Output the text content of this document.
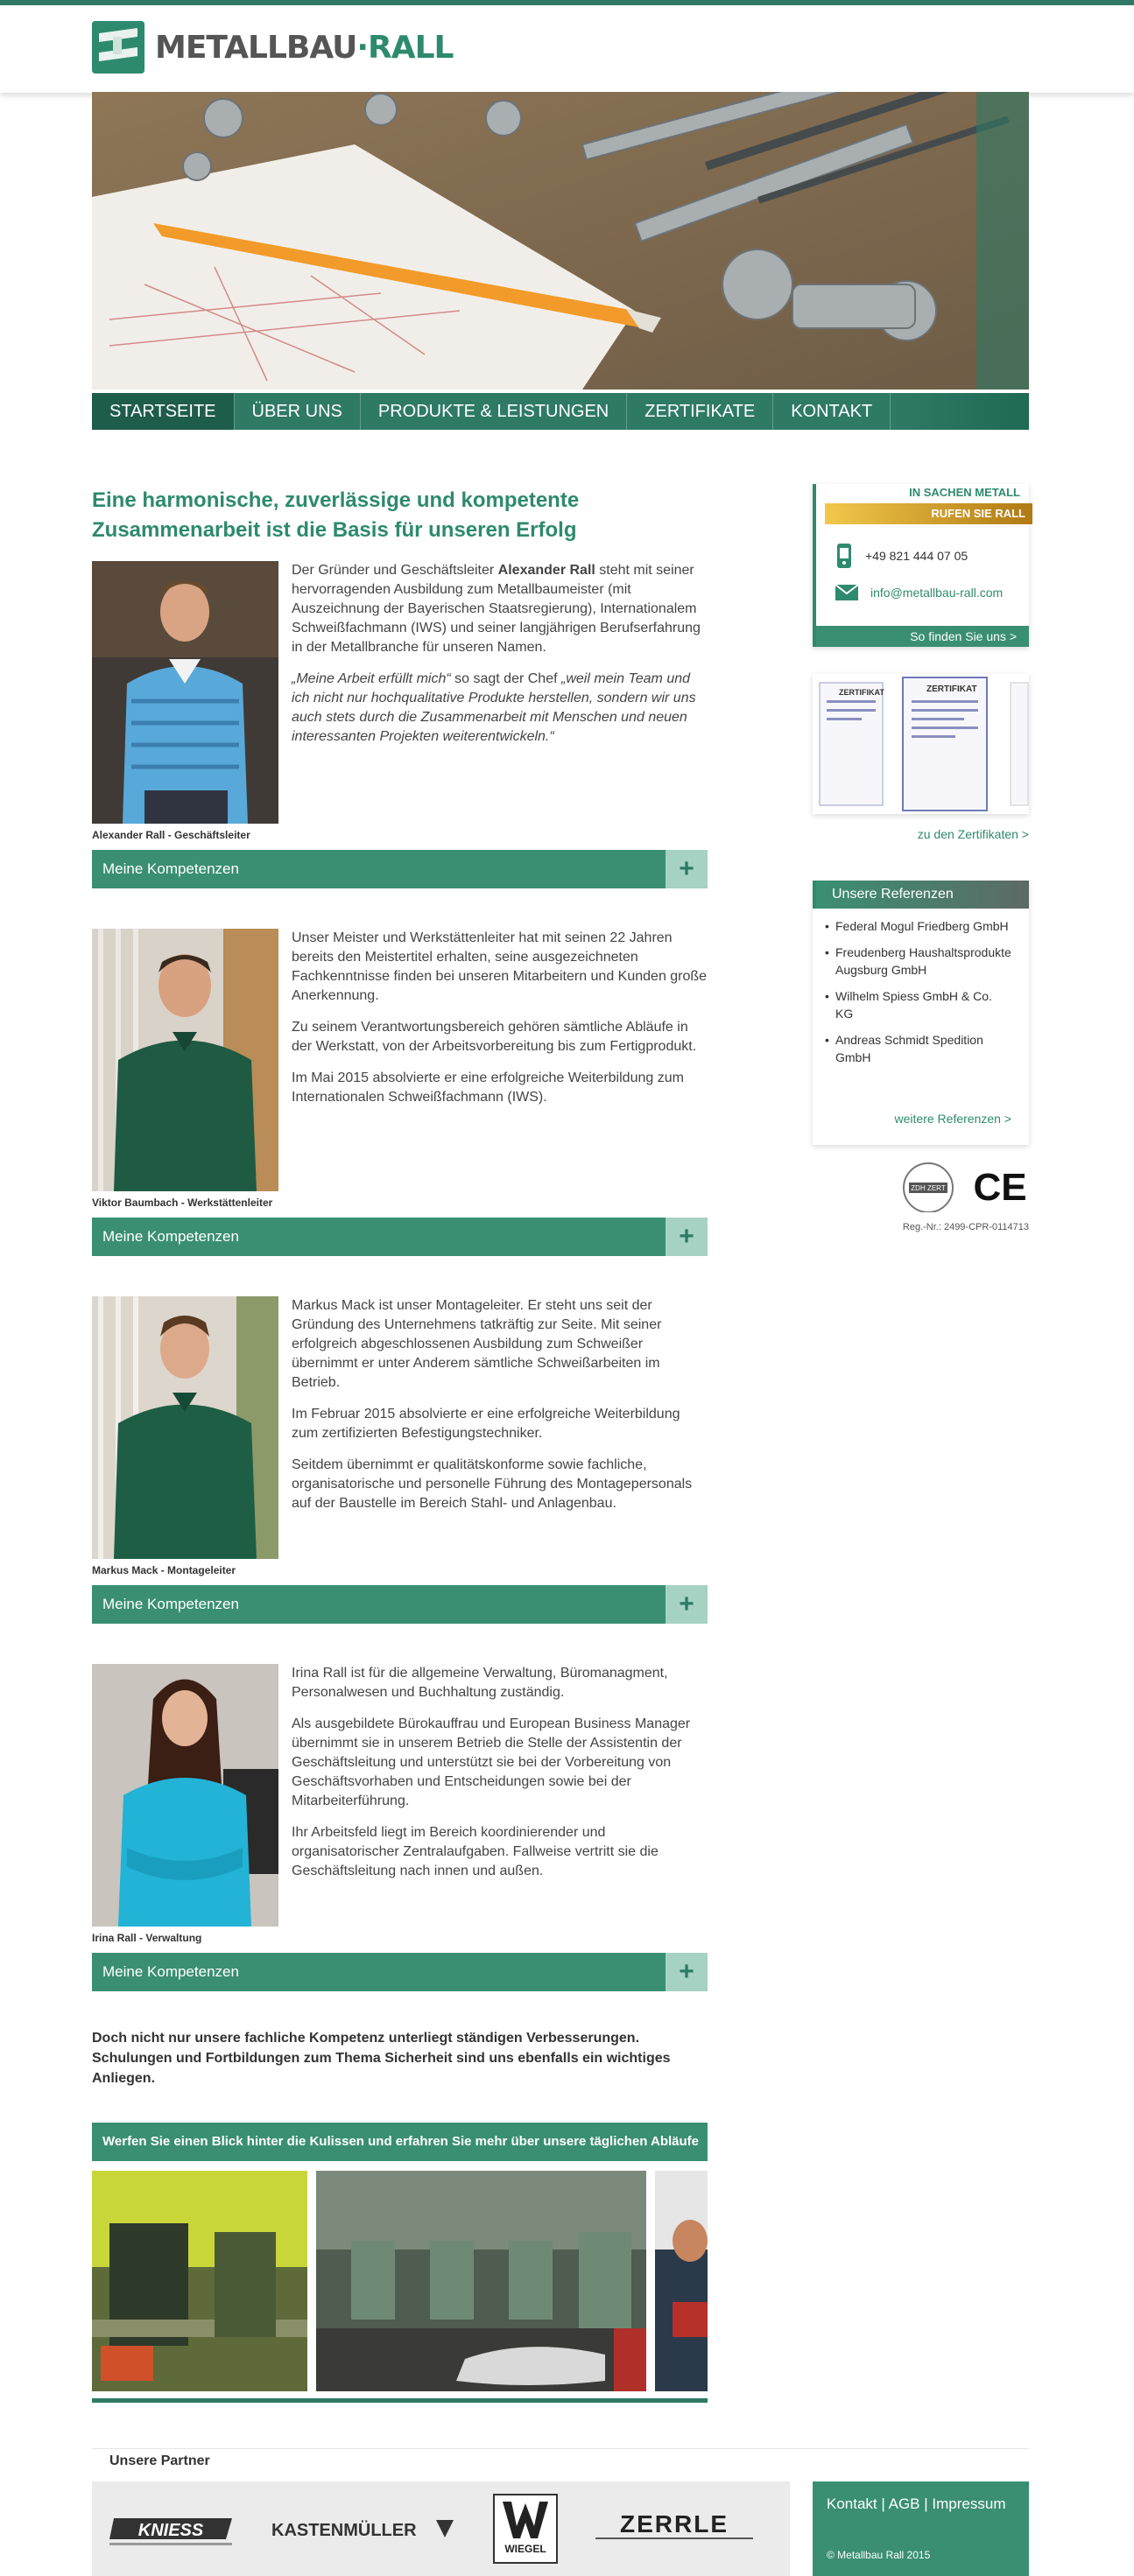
METALLBAU·RALL
STARTSEITE	ÜBER UNS	PRODUKTE & LEISTUNGEN	ZERTIFIKATE	KONTAKT
Eine harmonische, zuverlässige und kompetente Zusammenarbeit ist die Basis für unseren Erfolg
Alexander Rall - Geschäftsleiter

Der Gründer und Geschäftsleiter Alexander Rall steht mit seiner hervorragenden Ausbildung zum Metallbaumeister (mit Auszeichnung der Bayerischen Staatsregierung), Internationalem Schweißfachmann (IWS) und seiner langjährigen Berufserfahrung in der Metallbranche für unseren Namen.

„Meine Arbeit erfüllt mich“ so sagt der Chef „weil mein Team und ich nicht nur hochqualitative Produkte herstellen, sondern wir uns auch stets durch die Zusammenarbeit mit Menschen und neuen interessanten Projekten weiterentwickeln.“

Meine Kompetenzen	+
Viktor Baumbach - Werkstättenleiter

Unser Meister und Werkstättenleiter hat mit seinen 22 Jahren bereits den Meistertitel erhalten, seine ausgezeichneten Fachkenntnisse finden bei unseren Mitarbeitern und Kunden große Anerkennung.

Zu seinem Verantwortungsbereich gehören sämtliche Abläufe in der Werkstatt, von der Arbeitsvorbereitung bis zum Fertigprodukt.

Im Mai 2015 absolvierte er eine erfolgreiche Weiterbildung zum Internationalen Schweißfachmann (IWS).

Meine Kompetenzen	+
Markus Mack - Montageleiter

Markus Mack ist unser Montageleiter. Er steht uns seit der Gründung des Unternehmens tatkräftig zur Seite. Mit seiner erfolgreich abgeschlossenen Ausbildung zum Schweißer übernimmt er unter Anderem sämtliche Schweißarbeiten im Betrieb.

Im Februar 2015 absolvierte er eine erfolgreiche Weiterbildung zum zertifizierten Befestigungstechniker.

Seitdem übernimmt er qualitätskonforme sowie fachliche, organisatorische und personelle Führung des Montagepersonals auf der Baustelle im Bereich Stahl- und Anlagenbau.

Meine Kompetenzen	+
Irina Rall - Verwaltung

Irina Rall ist für die allgemeine Verwaltung, Büromanagment, Personalwesen und Buchhaltung zuständig.

Als ausgebildete Bürokauffrau und European Business Manager übernimmt sie in unserem Betrieb die Stelle der Assistentin der Geschäftsleitung und unterstützt sie bei der Vorbereitung von Geschäftsvorhaben und Entscheidungen sowie bei der Mitarbeiterführung.

Ihr Arbeitsfeld liegt im Bereich koordinierender und organisatorischer Zentralaufgaben. Fallweise vertritt sie die Geschäftsleitung nach innen und außen.

Meine Kompetenzen	+

Doch nicht nur unsere fachliche Kompetenz unterliegt ständigen Verbesserungen. Schulungen und Fortbildungen zum Thema Sicherheit sind uns ebenfalls ein wichtiges Anliegen.

Werfen Sie einen Blick hinter die Kulissen und erfahren Sie mehr über unsere täglichen Abläufe
IN SACHEN METALL
RUFEN SIE RALL
+49 821 444 07 05
info@metallbau-rall.com
So finden Sie uns >
ZERTIFIKAT	ZERTIFIKAT
zu den Zertifikaten >
Unsere Referenzen
• Federal Mogul Friedberg GmbH
• Freudenberg Haushaltsprodukte Augsburg GmbH
• Wilhelm Spiess GmbH & Co. KG
• Andreas Schmidt Spedition GmbH
weitere Referenzen >
ZDH ZERT CE
Reg.-Nr.: 2499-CPR-0114713
Unsere Partner
KNIESS	KASTENMÜLLER
WIEGEL
ZERRLE
Kontakt | AGB | Impressum
© Metallbau Rall 2015
